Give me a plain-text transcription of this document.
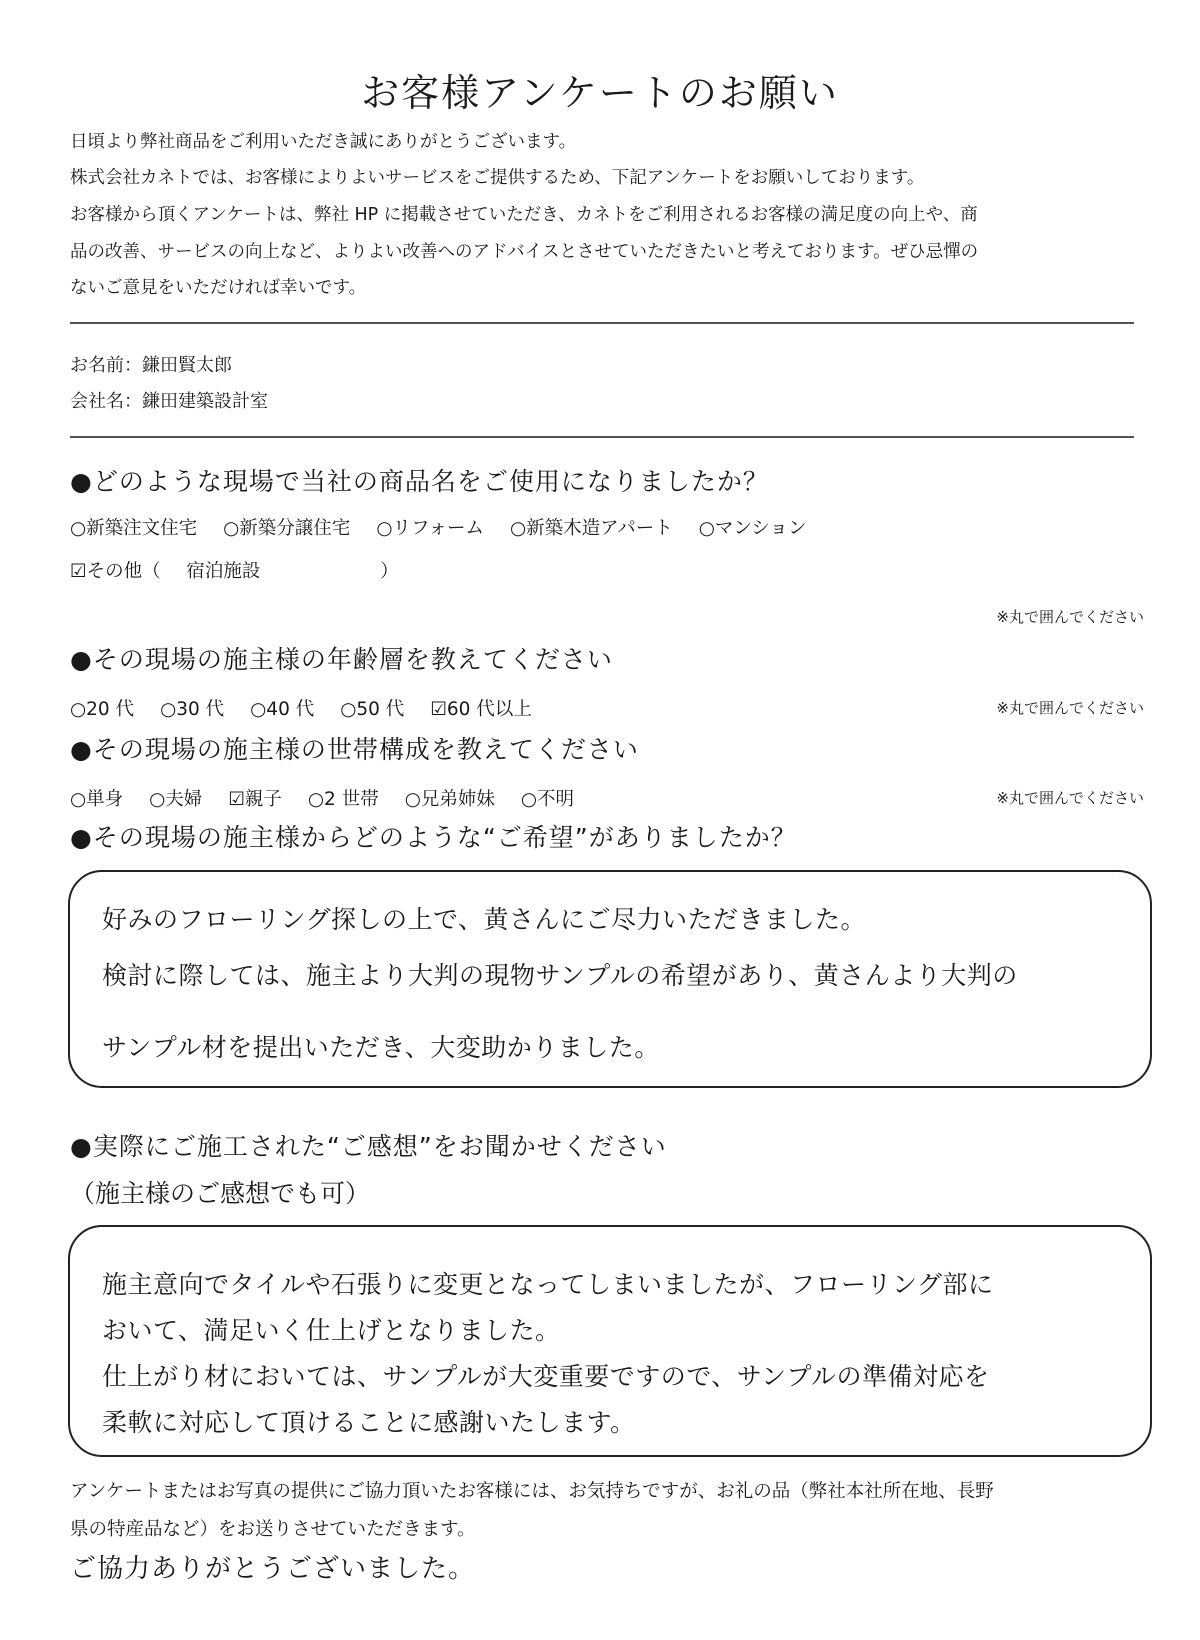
お客様アンケートのお願い
日頃より弊社商品をご利用いただき誠にありがとうございます。
株式会社カネトでは、お客様によりよいサービスをご提供するため、下記アンケートをお願いしております。
お客様から頂くアンケートは、弊社 HP に掲載させていただき、カネトをご利用されるお客様の満足度の向上や、商
品の改善、サービスの向上など、よりよい改善へのアドバイスとさせていただきたいと考えております。ぜひ忌憚の
ないご意見をいただければ幸いです。
お名前：鎌田賢太郎
会社名：鎌田建築設計室
●どのような現場で当社の商品名をご使用になりましたか？
○新築注文住宅 ○新築分譲住宅 ○リフォーム ○新築木造アパート ○マンション
☑その他（ 宿泊施設	）
※丸で囲んでください
●その現場の施主様の年齢層を教えてください
○20 代 ○30 代 ○40 代 ○50 代 ☑60 代以上	※丸で囲んでください
●その現場の施主様の世帯構成を教えてください
○単身 ○夫婦 ☑親子 ○2 世帯 ○兄弟姉妹 ○不明	※丸で囲んでください
●その現場の施主様からどのような“ご希望”がありましたか？
好みのフローリング探しの上で、黄さんにご尽力いただきました。
検討に際しては、施主より大判の現物サンプルの希望があり、黄さんより大判の
サンプル材を提出いただき、大変助かりました。
●実際にご施工された“ご感想”をお聞かせください
（施主様のご感想でも可）
施主意向でタイルや石張りに変更となってしまいましたが、フローリング部に
おいて、満足いく仕上げとなりました。
仕上がり材においては、サンプルが大変重要ですので、サンプルの準備対応を
柔軟に対応して頂けることに感謝いたします。
アンケートまたはお写真の提供にご協力頂いたお客様には、お気持ちですが、お礼の品（弊社本社所在地、長野
県の特産品など）をお送りさせていただきます。
ご協力ありがとうございました。
